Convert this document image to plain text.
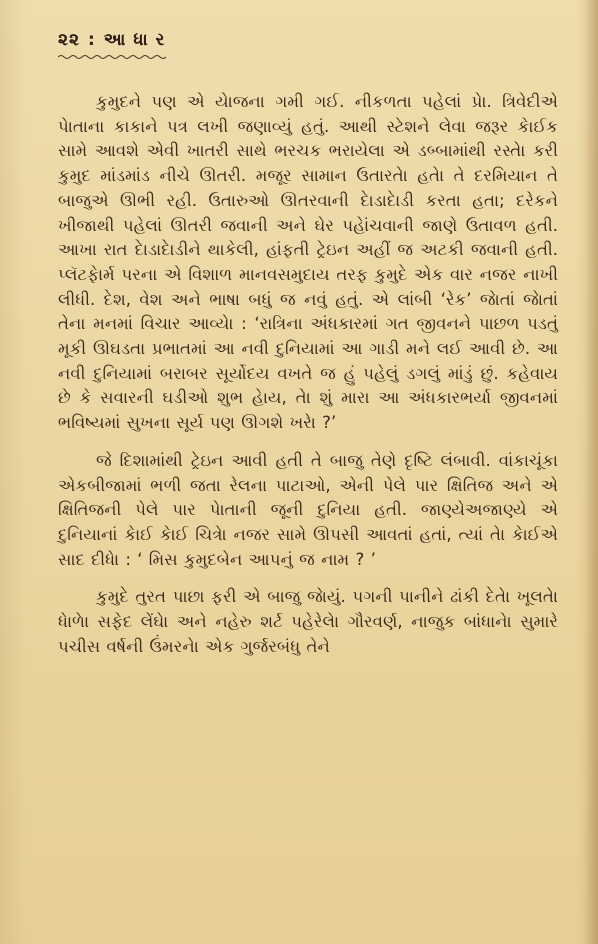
૨૨ : આ ધા ર

કુમુદને પણ એ યેાજના ગમી ગઈ. નીકળતા પહેલાં પ્રેા. ત્રિવેદીએ પેાતાના કાકાને પત્ર લખી જણાવ્યું હતું. આથી સ્ટેશને લેવા જરૂર કેાઈક સામે આવશે એવી ખાતરી સાથે ભરચક ભરાયેલા એ ડબ્બામાંથી રસ્તેા કરી કુમુદ માંડમાંડ નીચે ઊતરી. મજૂર સામાન ઉતારતેા હતેા તે દરમિયાન તે બાજુએ ઊભી રહી. ઉતારુઓ ઊતરવાની દેાડાદેાડી કરતા હતા; દરેકને ખીજાથી પહેલાં ઊતરી જવાની અને ઘેર પહેાંચવાની જાણે ઉતાવળ હતી. આખા રાત દેાડાદેાડીને થાકેલી, હાંફતી ટ્રેઇન અહીં જ અટકી જવાની હતી. પ્લૅટફેાર્મ પરના એ વિશાળ માનવસમુદાય તરફ કુમુદે એક વાર નજર નાખી લીધી. દેશ, વેશ અને ભાષા બધું જ નવું હતું. એ લાંબી ‘રેક’ જેાતાં જેાતાં તેના મનમાં વિચાર આવ્યેા : ‘રાત્રિના અંધકારમાં ગત જીવનને પાછળ પડતું મૂકી ઊઘડતા પ્રભાતમાં આ નવી દુનિયામાં આ ગાડી મને લઈ આવી છે. આ નવી દુનિયામાં બરાબર સૂર્યોદય વખતે જ હું પહેલું ડગલું માંડું છું. કહેવાય છે કે સવારની ઘડીઓ શુભ હેાય, તેા શું મારા આ અંધકારભર્યા જીવનમાં ભવિષ્યમાં સુખના સૂર્ય પણ ઊગશે ખરેા ?’

જે દિશામાંથી ટ્રેઇન આવી હતી તે બાજુ તેણે દૃષ્ટિ લંબાવી. વાંકાચૂંકા એકબીજામાં ભળી જતા રેલના પાટાઓ, એની પેલે પાર ક્ષિતિજ અને એ ક્ષિતિજની પેલે પાર પેાતાની જૂની દુનિયા હતી. જાણ્યેઅજાણ્યે એ દુનિયાનાં કેાઈ કેાઈ ચિત્રેા નજર સામે ઊપસી આવતાં હતાં, ત્યાં તેા કેાઈએ સાદ દીધેા : ‘ મિસ કુમુદબેન આપનું જ નામ ? ’

કુમુદે તુરત પાછા ફરી એ બાજુ જેાયું. પગની પાનીને ઢાંકી દેતેા ખૂલતેા ધેાળેા સફેદ લેંઘેા અને નહેરુ શર્ટ પહેરેલેા ગૌરવર્ણ, નાજુક બાંધાનેા સુમારે પચીસ વર્ષની ઉંમરનેા એક ગુર્જરબંધુ તેને
